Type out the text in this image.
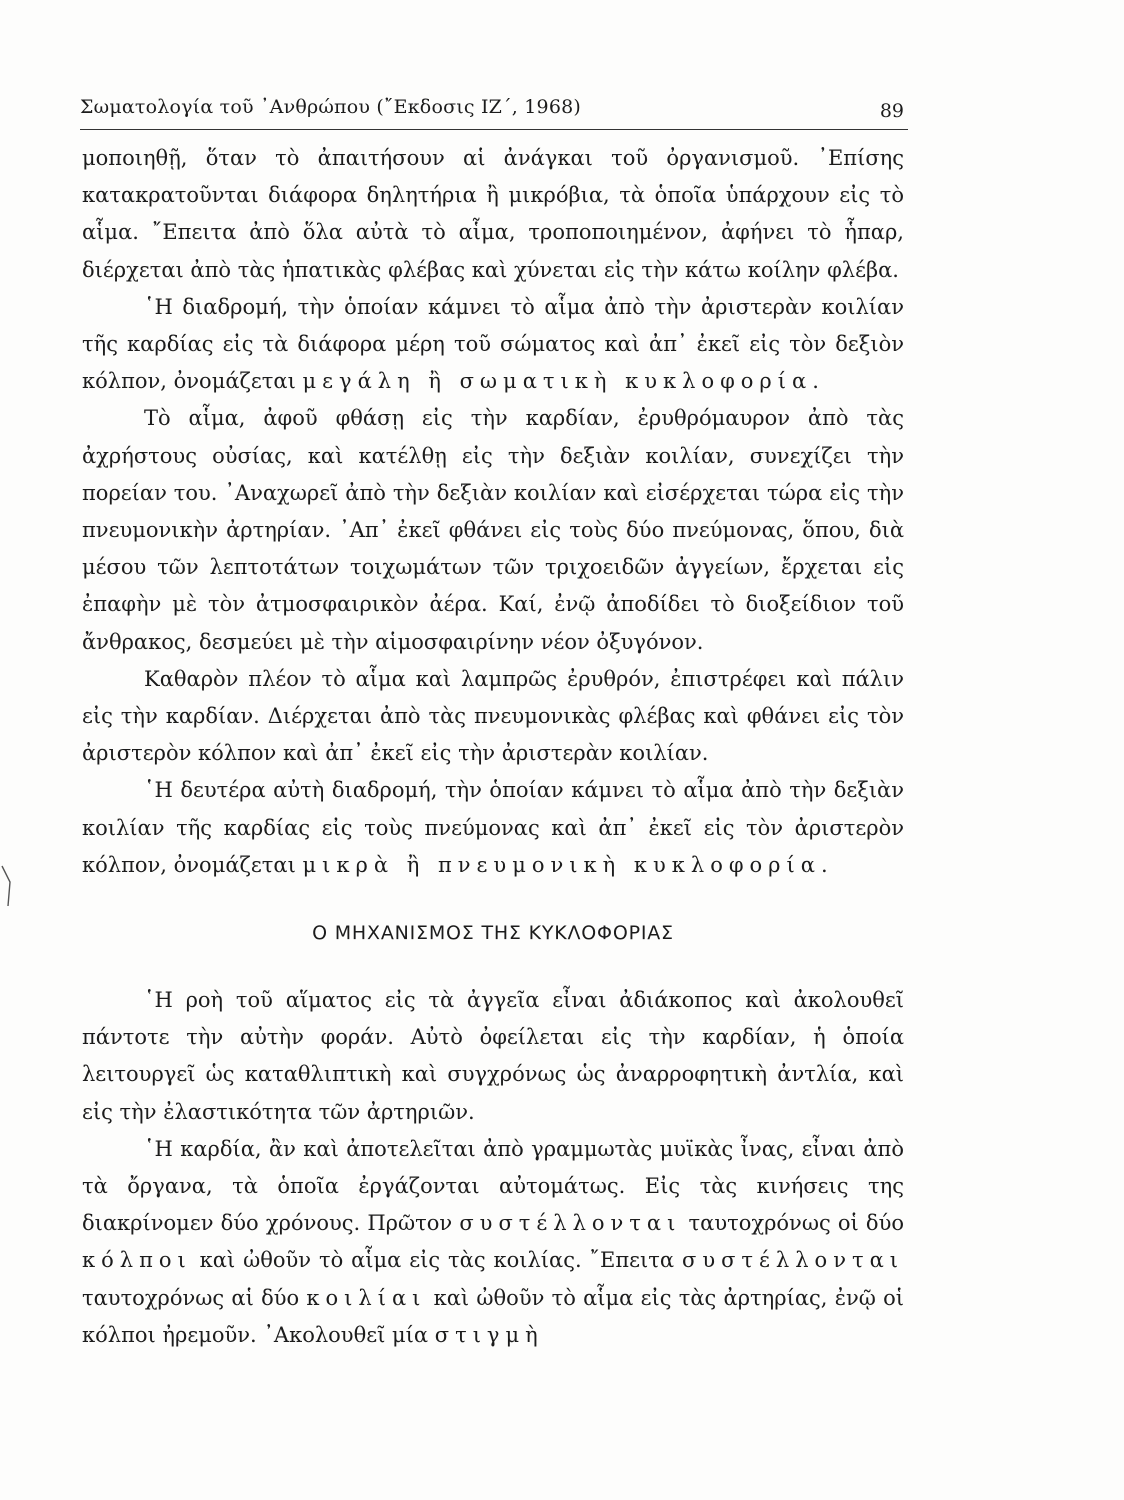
Σωματολογία τοῦ ᾿Ανθρώπου (῎Εκδοσις ΙΖ΄, 1968)	89

μοποιηθῇ, ὅταν τὸ ἀπαιτήσουν αἱ ἀνάγκαι τοῦ ὀργανισμοῦ. ᾿Επίσης κατακρατοῦνται διάφορα δηλητήρια ἢ μικρόβια, τὰ ὁποῖα ὑπάρχουν εἰς τὸ αἷμα. ῎Επειτα ἀπὸ ὅλα αὐτὰ τὸ αἷμα, τροποποιημένον, ἀφήνει τὸ ἧπαρ, διέρχεται ἀπὸ τὰς ἡπατικὰς φλέβας καὶ χύνεται εἰς τὴν κάτω κοίλην φλέβα.

῾Η διαδρομή, τὴν ὁποίαν κάμνει τὸ αἷμα ἀπὸ τὴν ἀριστερὰν κοιλίαν τῆς καρδίας εἰς τὰ διάφορα μέρη τοῦ σώματος καὶ ἀπ᾿ ἐκεῖ εἰς τὸν δεξιὸν κόλπον, ὀνομάζεται μεγάλη ἢ σωματικὴ κυκλοφορία.

Τὸ αἷμα, ἀφοῦ φθάσῃ εἰς τὴν καρδίαν, ἐρυθρόμαυρον ἀπὸ τὰς ἀχρήστους οὐσίας, καὶ κατέλθῃ εἰς τὴν δεξιὰν κοιλίαν, συνεχίζει τὴν πορείαν του. ᾿Αναχωρεῖ ἀπὸ τὴν δεξιὰν κοιλίαν καὶ εἰσέρχεται τώρα εἰς τὴν πνευμονικὴν ἀρτηρίαν. ᾿Απ᾿ ἐκεῖ φθάνει εἰς τοὺς δύο πνεύμονας, ὅπου, διὰ μέσου τῶν λεπτοτάτων τοιχωμάτων τῶν τριχοειδῶν ἀγγείων, ἔρχεται εἰς ἐπαφὴν μὲ τὸν ἀτμοσφαιρικὸν ἀέρα. Καί, ἐνῷ ἀποδίδει τὸ διοξείδιον τοῦ ἄνθρακος, δεσμεύει μὲ τὴν αἱμοσφαιρίνην νέον ὀξυγόνον.

Καθαρὸν πλέον τὸ αἷμα καὶ λαμπρῶς ἐρυθρόν, ἐπιστρέφει καὶ πάλιν εἰς τὴν καρδίαν. Διέρχεται ἀπὸ τὰς πνευμονικὰς φλέβας καὶ φθάνει εἰς τὸν ἀριστερὸν κόλπον καὶ ἀπ᾿ ἐκεῖ εἰς τὴν ἀριστερὰν κοιλίαν.

῾Η δευτέρα αὐτὴ διαδρομή, τὴν ὁποίαν κάμνει τὸ αἷμα ἀπὸ τὴν δεξιὰν κοιλίαν τῆς καρδίας εἰς τοὺς πνεύμονας καὶ ἀπ᾿ ἐκεῖ εἰς τὸν ἀριστερὸν κόλπον, ὀνομάζεται μικρὰ ἢ πνευμονικὴ κυκλοφορία.

Ο ΜΗΧΑΝΙΣΜΟΣ ΤΗΣ ΚΥΚΛΟΦΟΡΙΑΣ

῾Η ροὴ τοῦ αἵματος εἰς τὰ ἀγγεῖα εἶναι ἀδιάκοπος καὶ ἀκολουθεῖ πάντοτε τὴν αὐτὴν φοράν. Αὐτὸ ὀφείλεται εἰς τὴν καρδίαν, ἡ ὁποία λειτουργεῖ ὡς καταθλιπτικὴ καὶ συγχρόνως ὡς ἀναρροφητικὴ ἀντλία, καὶ εἰς τὴν ἐλαστικότητα τῶν ἀρτηριῶν.

῾Η καρδία, ἂν καὶ ἀποτελεῖται ἀπὸ γραμμωτὰς μυϊκὰς ἶνας, εἶναι ἀπὸ τὰ ὄργανα, τὰ ὁποῖα ἐργάζονται αὐτομάτως. Εἰς τὰς κινήσεις της διακρίνομεν δύο χρόνους. Πρῶτον συστέλλονται ταυτοχρόνως οἱ δύο κόλποι καὶ ὠθοῦν τὸ αἷμα εἰς τὰς κοιλίας. ῎Επειτα συστέλλονται ταυτοχρόνως αἱ δύο κοιλίαι καὶ ὠθοῦν τὸ αἷμα εἰς τὰς ἀρτηρίας, ἐνῷ οἱ κόλποι ἠρεμοῦν. ᾿Ακολουθεῖ μία στιγμὴ
